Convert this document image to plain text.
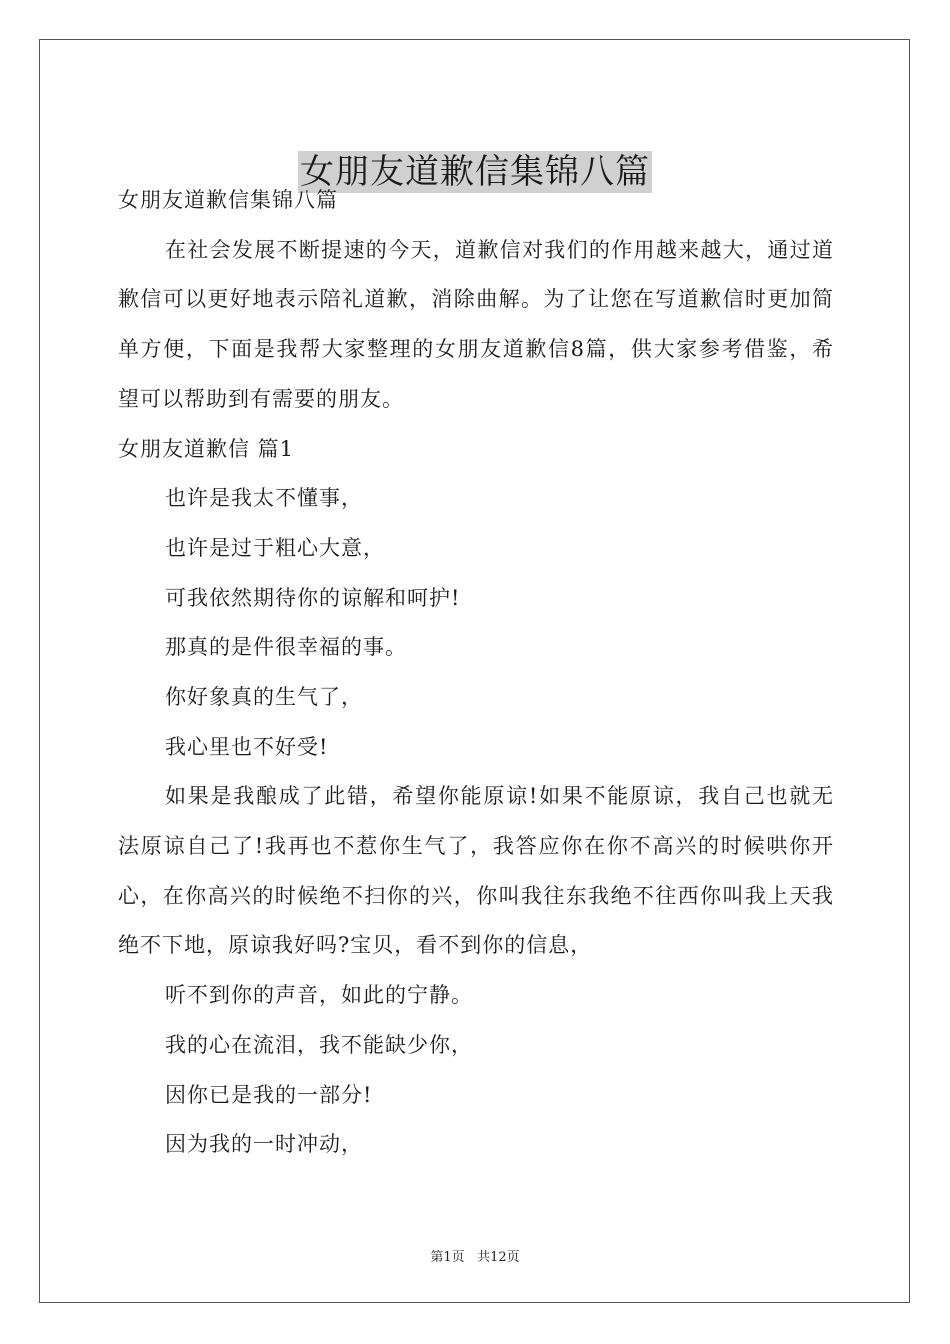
女朋友道歉信集锦八篇
女朋友道歉信集锦八篇
在社会发展不断提速的今天，道歉信对我们的作用越来越大，通过道歉信可以更好地表示陪礼道歉，消除曲解。为了让您在写道歉信时更加简单方便，下面是我帮大家整理的女朋友道歉信8篇，供大家参考借鉴，希望可以帮助到有需要的朋友。
女朋友道歉信 篇1
也许是我太不懂事，
也许是过于粗心大意，
可我依然期待你的谅解和呵护!
那真的是件很幸福的事。
你好象真的生气了，
我心里也不好受!
如果是我酿成了此错，希望你能原谅!如果不能原谅，我自己也就无法原谅自己了!我再也不惹你生气了，我答应你在你不高兴的时候哄你开心，在你高兴的时候绝不扫你的兴，你叫我往东我绝不往西你叫我上天我绝不下地，原谅我好吗?宝贝，看不到你的信息，
听不到你的声音，如此的宁静。
我的心在流泪，我不能缺少你，
因你已是我的一部分!
因为我的一时冲动，
第1页 共12页
